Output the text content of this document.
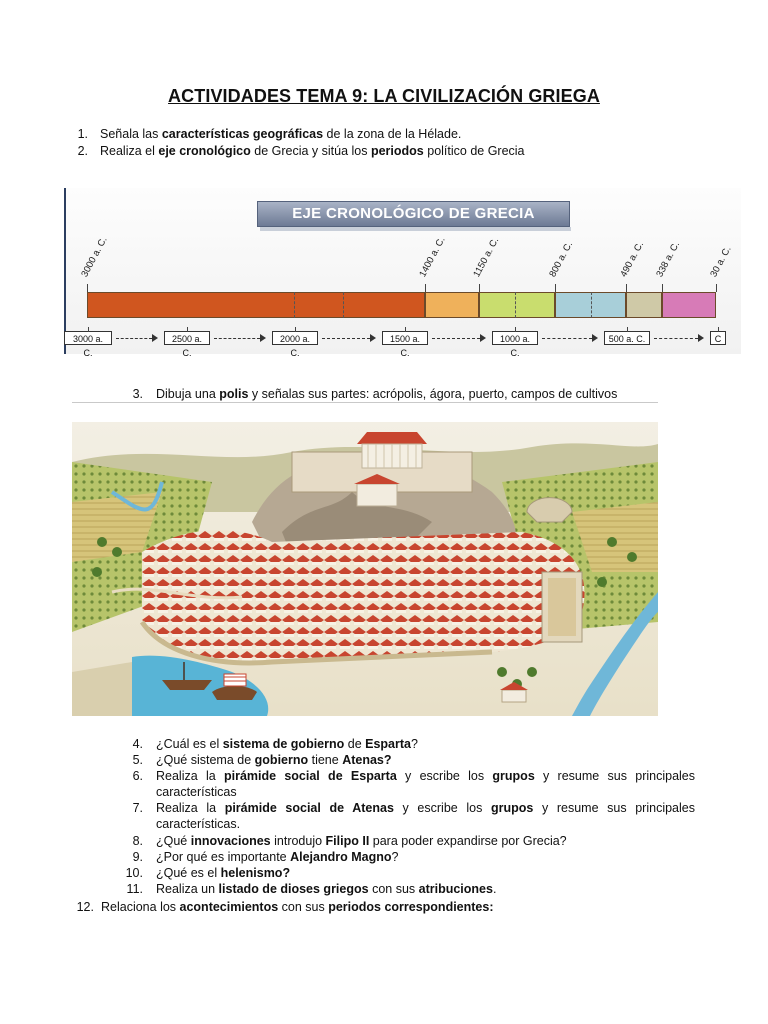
ACTIVIDADES TEMA 9: LA CIVILIZACIÓN GRIEGA
1. Señala las características geográficas de la zona de la Hélade.
2. Realiza el eje cronológico de Grecia y sitúa los periodos político de Grecia
EJE CRONOLÓGICO DE GRECIA
3000 a. C.	1400 a. C. 1150 a. C.	800 a. C.	490 a. C. 338 a. C.	30 a. C.
3000 a. C.
2500 a. C.
2000 a. C.
1500 a. C.
1000 a. C.
500 a. C.	C
3. Dibuja una polis y señalas sus partes: acrópolis, ágora, puerto, campos de cultivos
4. ¿Cuál es el sistema de gobierno de Esparta?
5. ¿Qué sistema de gobierno tiene Atenas?
6. Realiza la pirámide social de Esparta y escribe los grupos y resume sus principales
características
7. Realiza la pirámide social de Atenas y escribe los grupos y resume sus principales
características.
8. ¿Qué innovaciones introdujo Filipo II para poder expandirse por Grecia?
9. ¿Por qué es importante Alejandro Magno?
10. ¿Qué es el helenismo?
11. Realiza un listado de dioses griegos con sus atribuciones.
12. Relaciona los acontecimientos con sus periodos correspondientes:
